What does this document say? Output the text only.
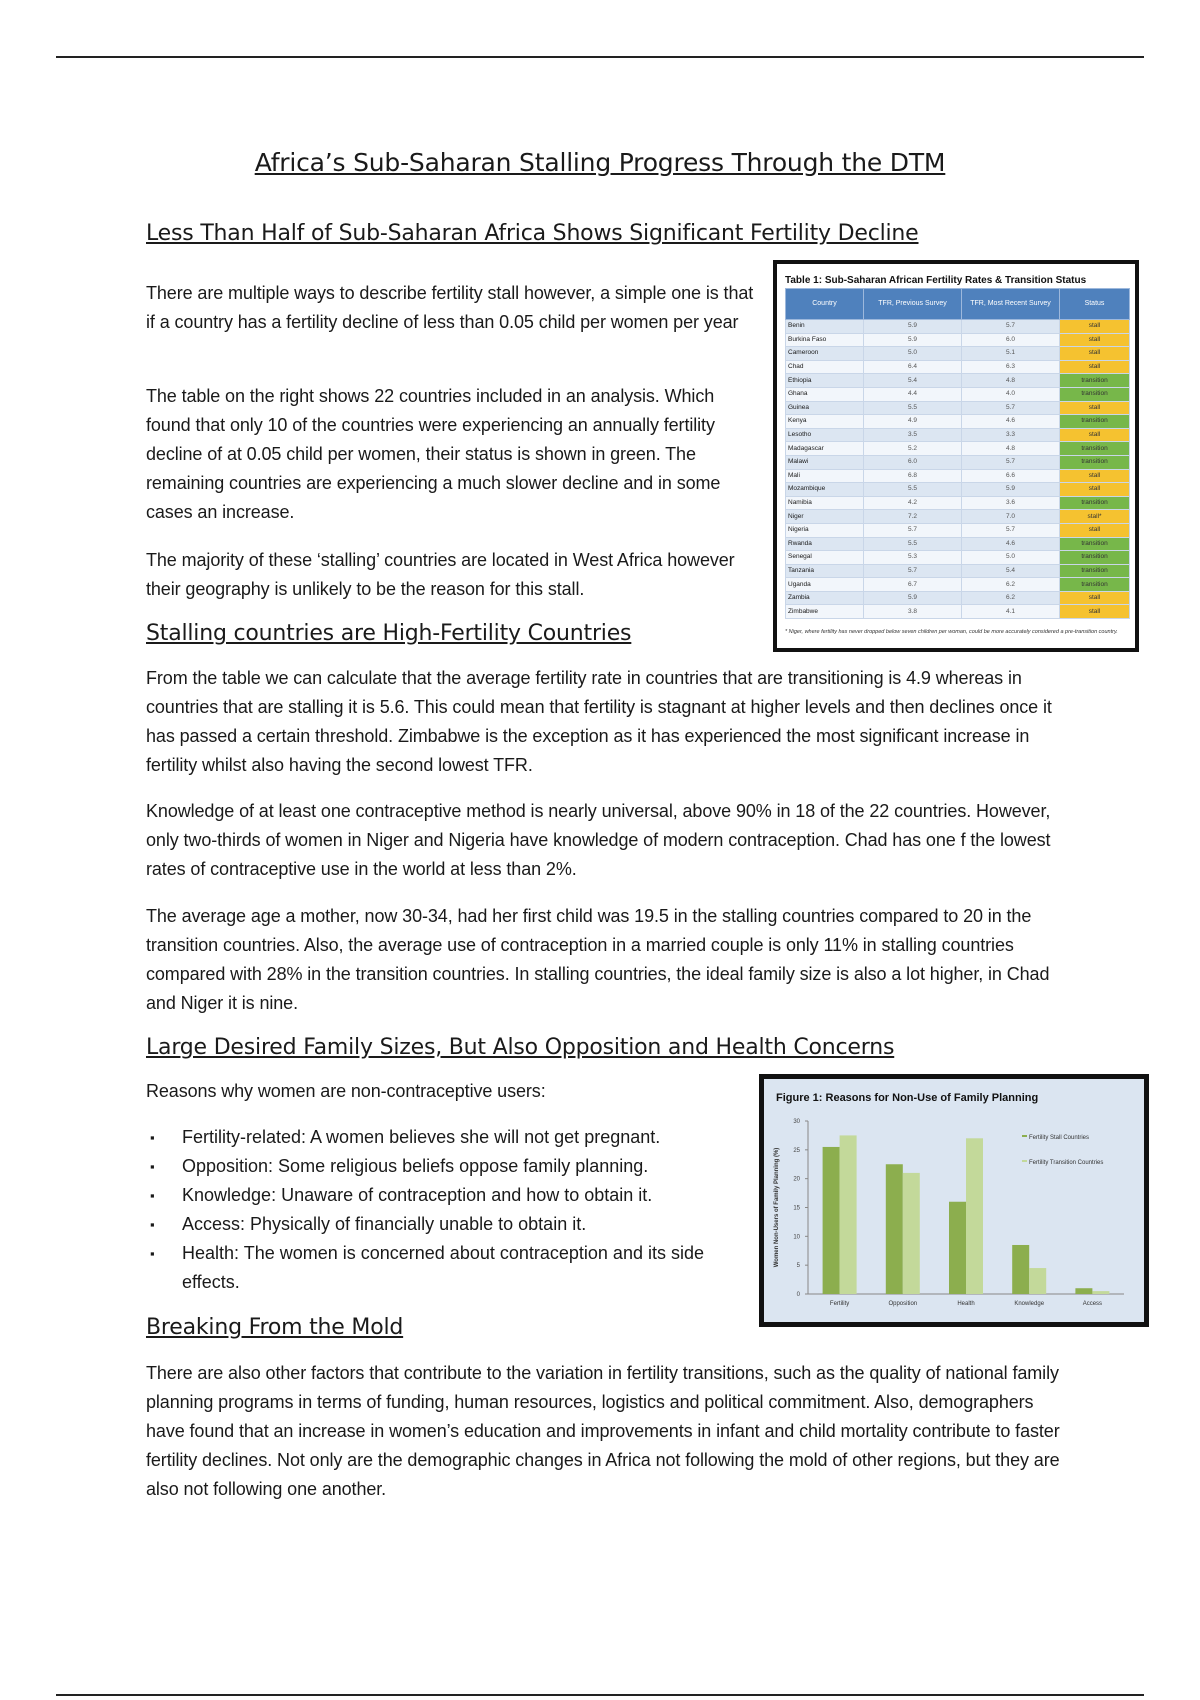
Africa’s Sub-Saharan Stalling Progress Through the DTM
Less Than Half of Sub-Saharan Africa Shows Significant Fertility Decline

There are multiple ways to describe fertility stall however, a simple one is that if a country has a fertility decline of less than 0.05 child per women per year

The table on the right shows 22 countries included in an analysis. Which found that only 10 of the countries were experiencing an annually fertility decline of at 0.05 child per women, their status is shown in green. The remaining countries are experiencing a much slower decline and in some cases an increase.

The majority of these ‘stalling’ countries are located in West Africa however their geography is unlikely to be the reason for this stall.

Stalling countries are High-Fertility Countries
Table 1: Sub-Saharan African Fertility Rates & Transition Status
Country	TFR, Previous Survey	TFR, Most Recent Survey	Status
Benin	5.9	5.7	stall
Burkina Faso	5.9	6.0	stall
Cameroon	5.0	5.1	stall
Chad	6.4	6.3	stall
Ethiopia	5.4	4.8	transition
Ghana	4.4	4.0	transition
Guinea	5.5	5.7	stall
Kenya	4.9	4.6	transition
Lesotho	3.5	3.3	stall
Madagascar	5.2	4.8	transition
Malawi	6.0	5.7	transition
Mali	6.8	6.6	stall
Mozambique	5.5	5.9	stall
Namibia	4.2	3.6	transition
Niger	7.2	7.0	stall*
Nigeria	5.7	5.7	stall
Rwanda	5.5	4.6	transition
Senegal	5.3	5.0	transition
Tanzania	5.7	5.4	transition
Uganda	6.7	6.2	transition
Zambia	5.9	6.2	stall
Zimbabwe	3.8	4.1	stall
* Niger, where fertility has never dropped below seven children per woman, could be more accurately considered a pre-transition country.

From the table we can calculate that the average fertility rate in countries that are transitioning is 4.9 whereas in countries that are stalling it is 5.6. This could mean that fertility is stagnant at higher levels and then declines once it has passed a certain threshold. Zimbabwe is the exception as it has experienced the most significant increase in fertility whilst also having the second lowest TFR.

Knowledge of at least one contraceptive method is nearly universal, above 90% in 18 of the 22 countries. However, only two-thirds of women in Niger and Nigeria have knowledge of modern contraception. Chad has one f the lowest rates of contraceptive use in the world at less than 2%.

The average age a mother, now 30-34, had her first child was 19.5 in the stalling countries compared to 20 in the transition countries. Also, the average use of contraception in a married couple is only 11% in stalling countries compared with 28% in the transition countries. In stalling countries, the ideal family size is also a lot higher, in Chad and Niger it is nine.

Large Desired Family Sizes, But Also Opposition and Health Concerns

Reasons why women are non-contraceptive users:

▪ Fertility-related: A women believes she will not get pregnant.
▪ Opposition: Some religious beliefs oppose family planning.
▪ Knowledge: Unaware of contraception and how to obtain it.
▪ Access: Physically of financially unable to obtain it.
▪ Health: The women is concerned about contraception and its side effects.
Figure 1: Reasons for Non-Use of Family Planning
Women Non-Users of Family Planning (%)
0
5
10
15
20
25
30
Fertility	Opposition	Health	Knowledge	Access
Fertility Stall Countries
Fertility Transition Countries
Breaking From the Mold

There are also other factors that contribute to the variation in fertility transitions, such as the quality of national family planning programs in terms of funding, human resources, logistics and political commitment. Also, demographers have found that an increase in women’s education and improvements in infant and child mortality contribute to faster fertility declines. Not only are the demographic changes in Africa not following the mold of other regions, but they are also not following one another.
